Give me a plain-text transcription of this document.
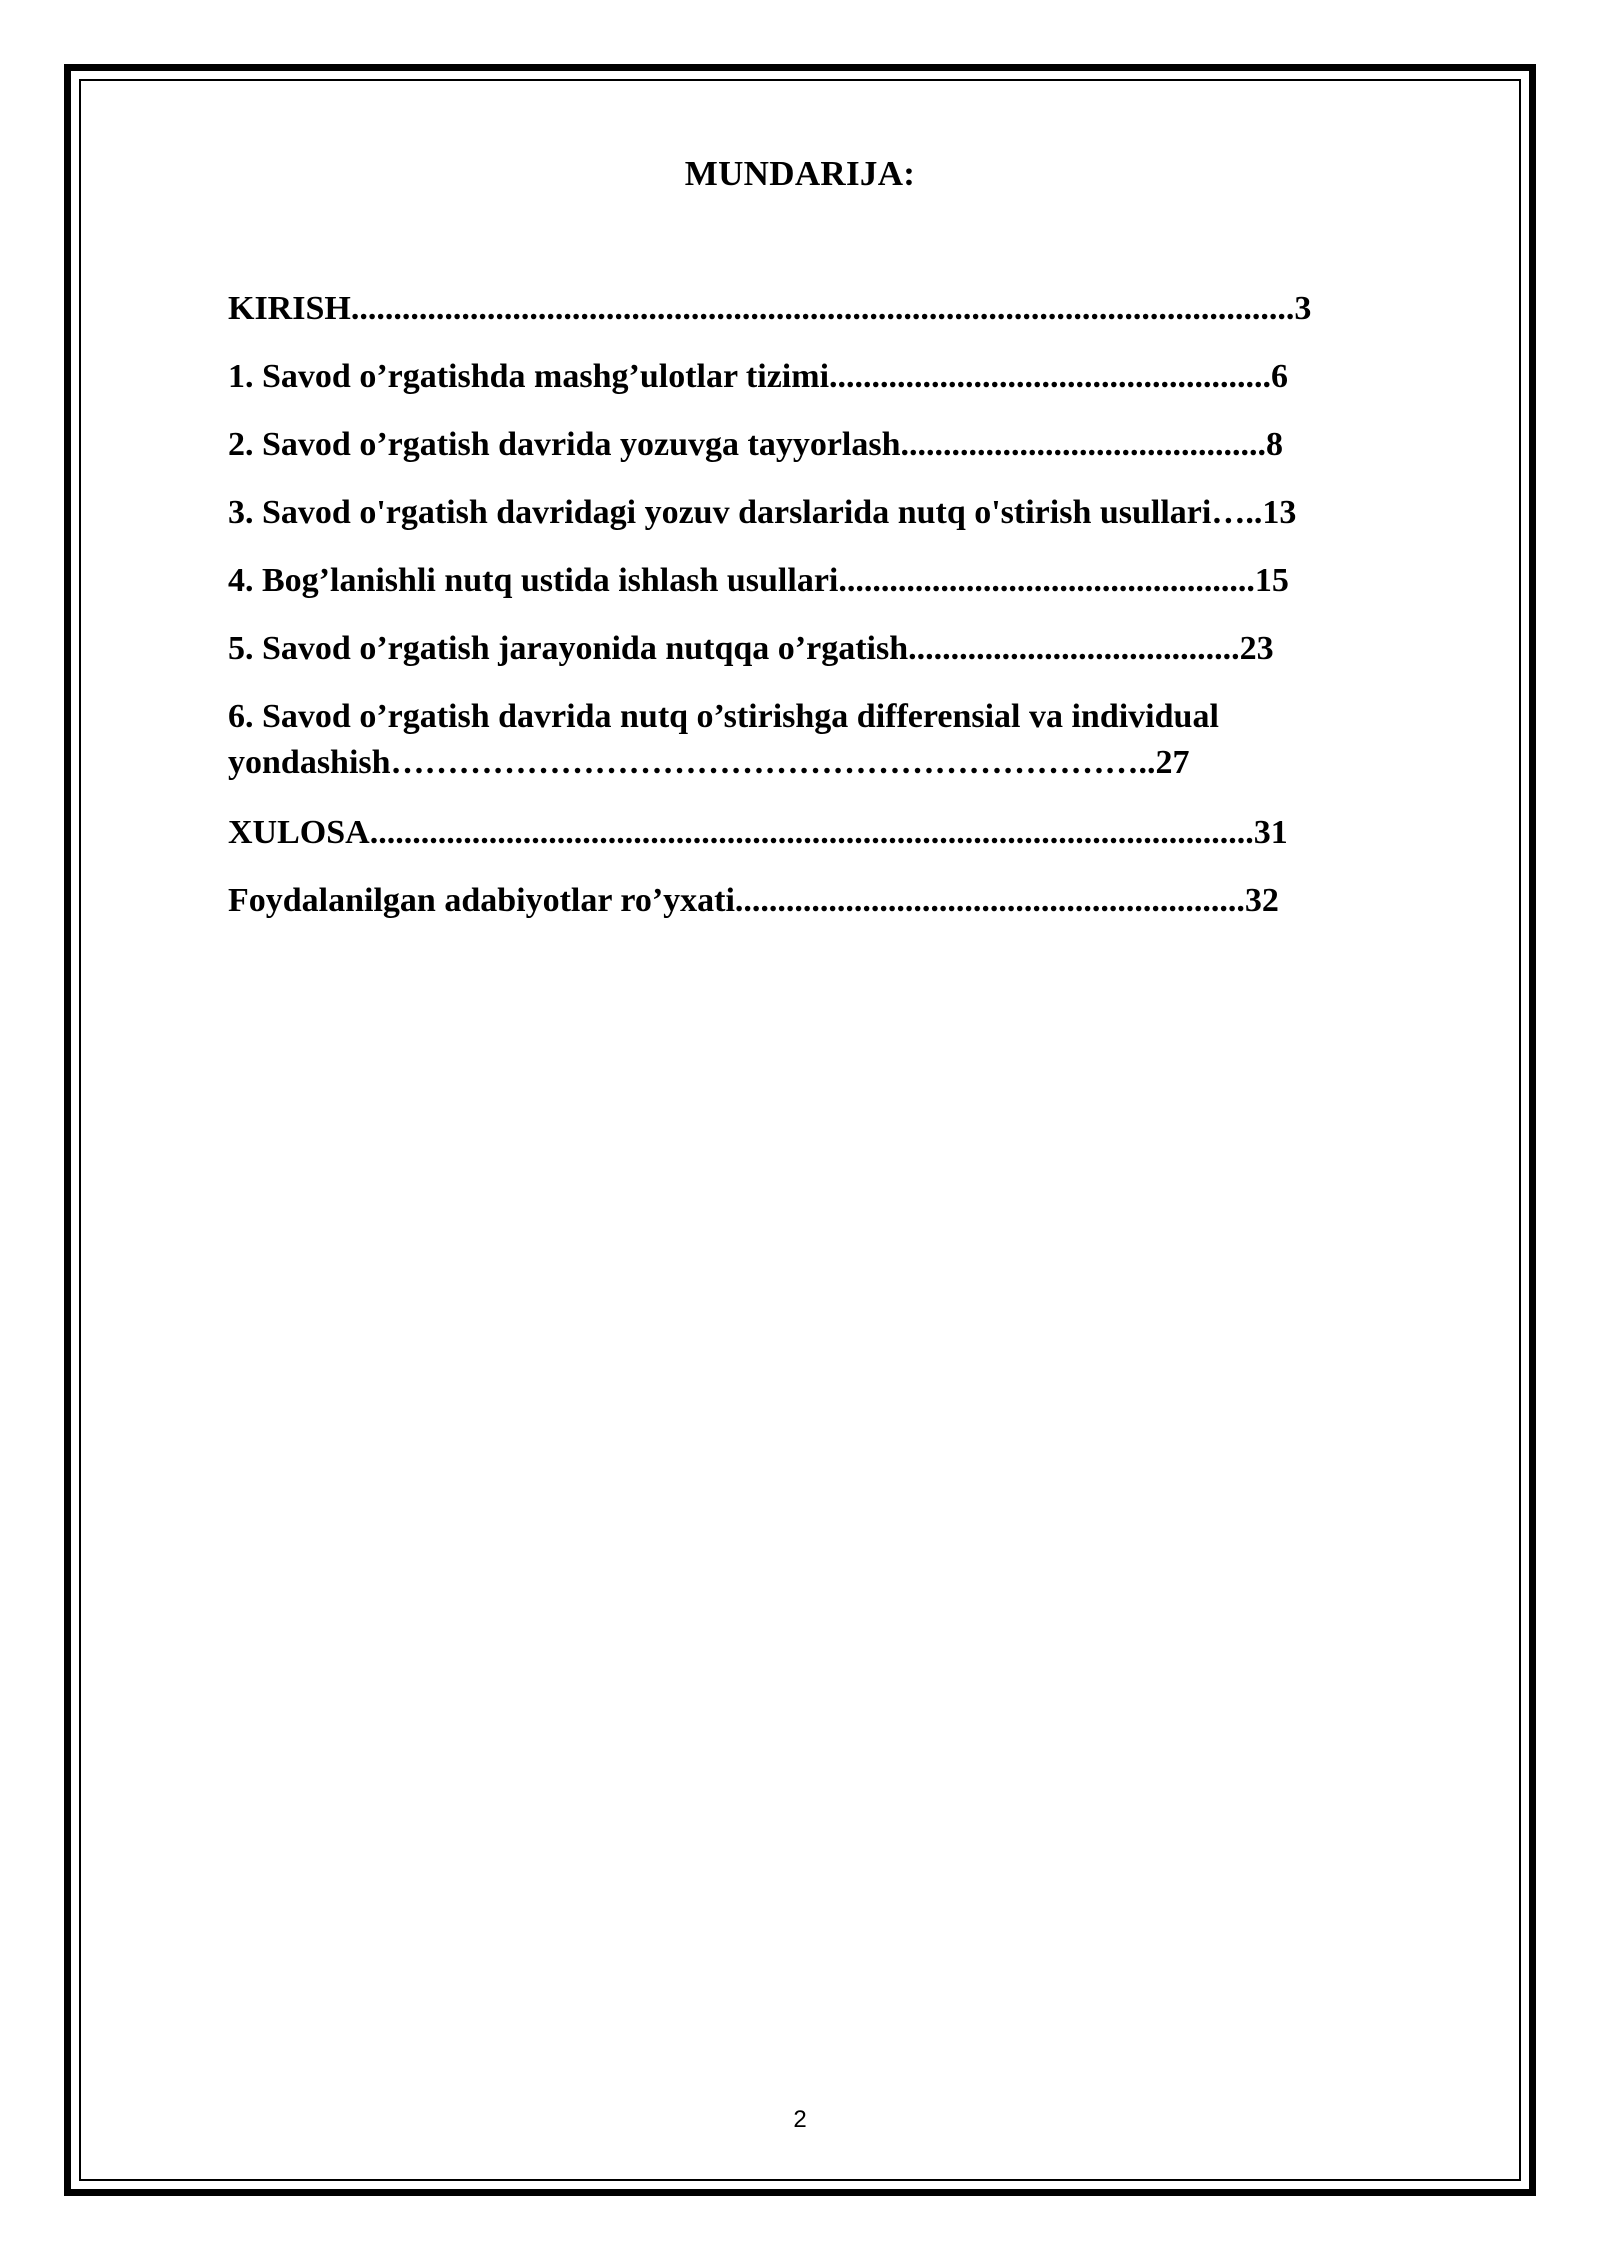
MUNDARIJA:
KIRISH...............................................................................................................3
1. Savod o’rgatishda mashg’ulotlar tizimi....................................................6
2. Savod o’rgatish davrida yozuvga tayyorlash...........................................8
3. Savod o'rgatish davridagi yozuv darslarida nutq o'stirish usullari…..13
4. Bog’lanishli nutq ustida ishlash usullari.................................................15
5. Savod o’rgatish jarayonida nutqqa o’rgatish.......................................23
6. Savod o’rgatish davrida nutq o’stirishga differensial va individual
yondashish…………………………………………………………..27
XULOSA........................................................................................................31
Foydalanilgan adabiyotlar ro’yxati............................................................32
2
